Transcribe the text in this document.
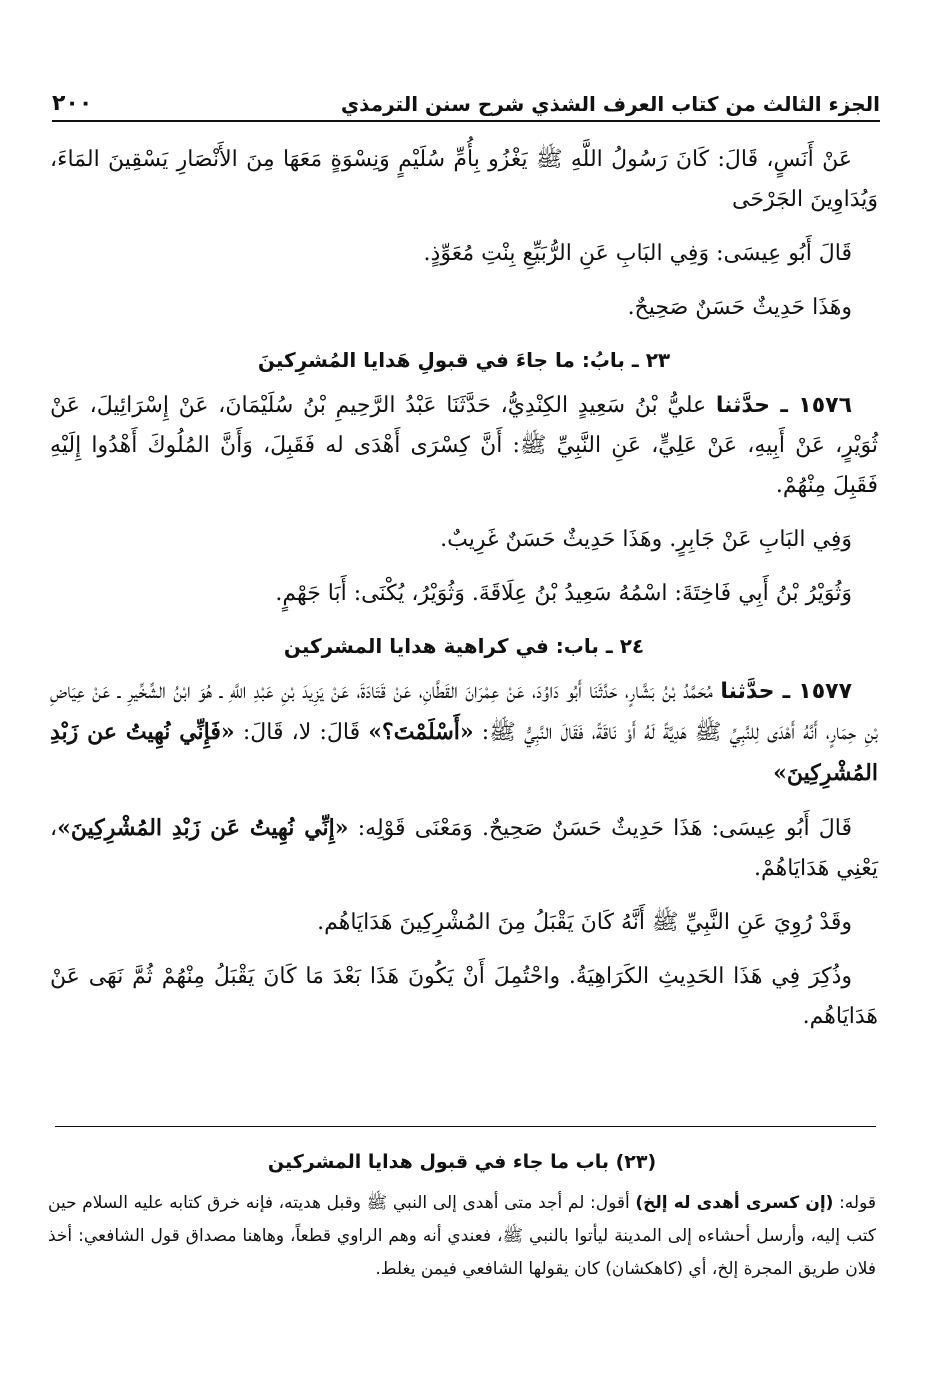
الجزء الثالث من كتاب العرف الشذي شرح سنن الترمذي
٢٠٠

عَنْ أَنَسٍ، قَالَ: كَانَ رَسُولُ اللَّهِ ﷺ يَغْزُو بِأُمِّ سُلَيْمٍ وَنِسْوَةٍ مَعَهَا مِنَ الأَنْصَارِ يَسْقِينَ المَاءَ، وَيُدَاوِينَ الجَرْحَى

قَالَ أَبُو عِيسَى: وَفِي البَابِ عَنِ الرُّبَيِّعِ بِنْتِ مُعَوِّذٍ.

وهَذَا حَدِيثٌ حَسَنٌ صَحِيحٌ.

٢٣ ـ بابُ: ما جاءَ في قبولِ هَدايا المُشرِكينَ

١٥٧٦ ـ حدَّثنا عليُّ بْنُ سَعِيدٍ الكِنْدِيُّ، حَدَّثَنَا عَبْدُ الرَّحِيمِ بْنُ سُلَيْمَانَ، عَنْ إِسْرَائِيلَ، عَنْ ثُوَيْرٍ، عَنْ أَبِيهِ، عَنْ عَلِيٍّ، عَنِ النَّبِيِّ ﷺ: أَنَّ كِسْرَى أَهْدَى له فَقَبِلَ، وَأَنَّ المُلُوكَ أَهْدُوا إِلَيْهِ فَقَبِلَ مِنْهُمْ.

وَفِي البَابِ عَنْ جَابِرٍ. وهَذَا حَدِيثٌ حَسَنٌ غَرِيبٌ.

وَثُوَيْرُ بْنُ أَبِي فَاخِتَةَ: اسْمُهُ سَعِيدُ بْنُ عِلَاقَةَ. وَثُوَيْرُ، يُكْنَى: أَبَا جَهْمٍ.

٢٤ ـ باب: في كراهية هدايا المشركين

١٥٧٧ ـ حدَّثنا مُحَمَّدُ بْنُ بَشَّارٍ، حَدَّثَنَا أَبُو دَاوُدَ، عَنْ عِمْرَانَ القَطَّانِ، عَنْ قَتَادَةَ، عَنْ يَزِيدَ بْنِ عَبْدِ اللَّهِ ـ هُوَ ابْنُ الشِّخِّيرِ ـ عَنْ عِيَاضِ بْنِ حِمَارٍ، أَنَّهُ أَهْدَى لِلنَّبِيِّ ﷺ هَدِيَّةً لَهُ أَوْ نَاقَةً، فَقَالَ النَّبِيُّ ﷺ: «أَسْلَمْتَ؟» قَالَ: لا، قَالَ: «فَإِنِّي نُهِيتُ عن زَبْدِ المُشْرِكِينَ»

قَالَ أَبُو عِيسَى: هَذَا حَدِيثٌ حَسَنٌ صَحِيحٌ. وَمَعْنَى قَوْلِه: «إِنِّي نُهِيتُ عَن زَبْدِ المُشْرِكِينَ»، يَعْنِي هَدَايَاهُمْ.

وقَدْ رُوِيَ عَنِ النَّبِيِّ ﷺ أَنَّهُ كَانَ يَقْبَلُ مِنَ المُشْرِكِينَ هَدَايَاهُم.

وذُكِرَ فِي هَذَا الحَدِيثِ الكَرَاهِيَةُ. واحْتُمِلَ أَنْ يَكُونَ هَذَا بَعْدَ مَا كَانَ يَقْبَلُ مِنْهُمْ ثُمَّ نَهَى عَنْ هَدَايَاهُم.

(٢٣) باب ما جاء في قبول هدايا المشركين

قوله: (إن كسرى أهدى له إلخ) أقول: لم أجد متى أهدى إلى النبي ﷺ وقبل هديته، فإنه خرق كتابه عليه السلام حين كتب إليه، وأرسل أحشاءه إلى المدينة ليأتوا بالنبي ﷺ، فعندي أنه وهم الراوي قطعاً، وهاهنا مصداق قول الشافعي: أخذ فلان طريق المجرة إلخ، أي (كاهكشان) كان يقولها الشافعي فيمن يغلط.
